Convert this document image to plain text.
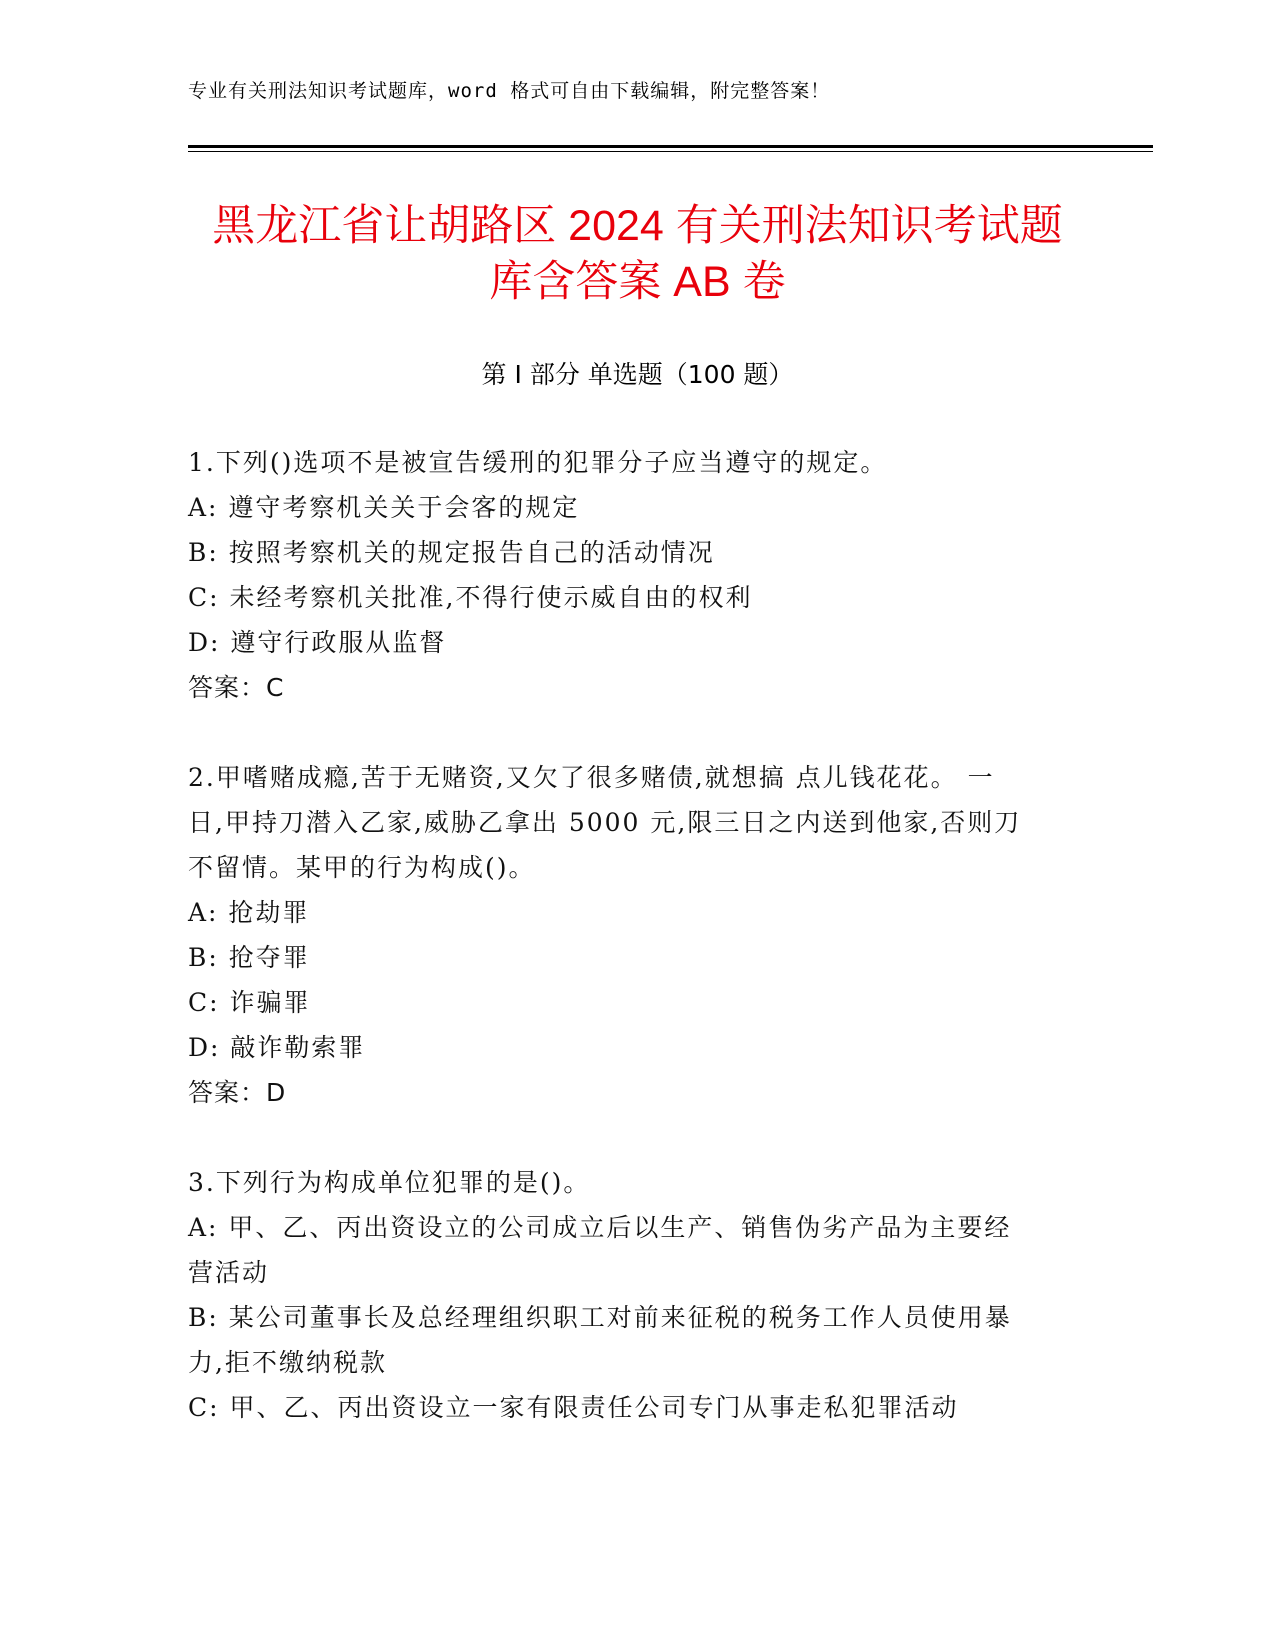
专业有关刑法知识考试题库，word 格式可自由下载编辑，附完整答案！
黑龙江省让胡路区 2024 有关刑法知识考试题
库含答案 AB 卷
第 I 部分 单选题（100 题）
1.下列()选项不是被宣告缓刑的犯罪分子应当遵守的规定。
A: 遵守考察机关关于会客的规定
B: 按照考察机关的规定报告自己的活动情况
C: 未经考察机关批准,不得行使示威自由的权利
D: 遵守行政服从监督
答案：C
2.甲嗜赌成瘾,苦于无赌资,又欠了很多赌债,就想搞 点儿钱花花。 一
日,甲持刀潜入乙家,威胁乙拿出 5000 元,限三日之内送到他家,否则刀
不留情。某甲的行为构成()。
A: 抢劫罪
B: 抢夺罪
C: 诈骗罪
D: 敲诈勒索罪
答案：D
3.下列行为构成单位犯罪的是()。
A: 甲、乙、丙出资设立的公司成立后以生产、销售伪劣产品为主要经
营活动
B: 某公司董事长及总经理组织职工对前来征税的税务工作人员使用暴
力,拒不缴纳税款
C: 甲、乙、丙出资设立一家有限责任公司专门从事走私犯罪活动
